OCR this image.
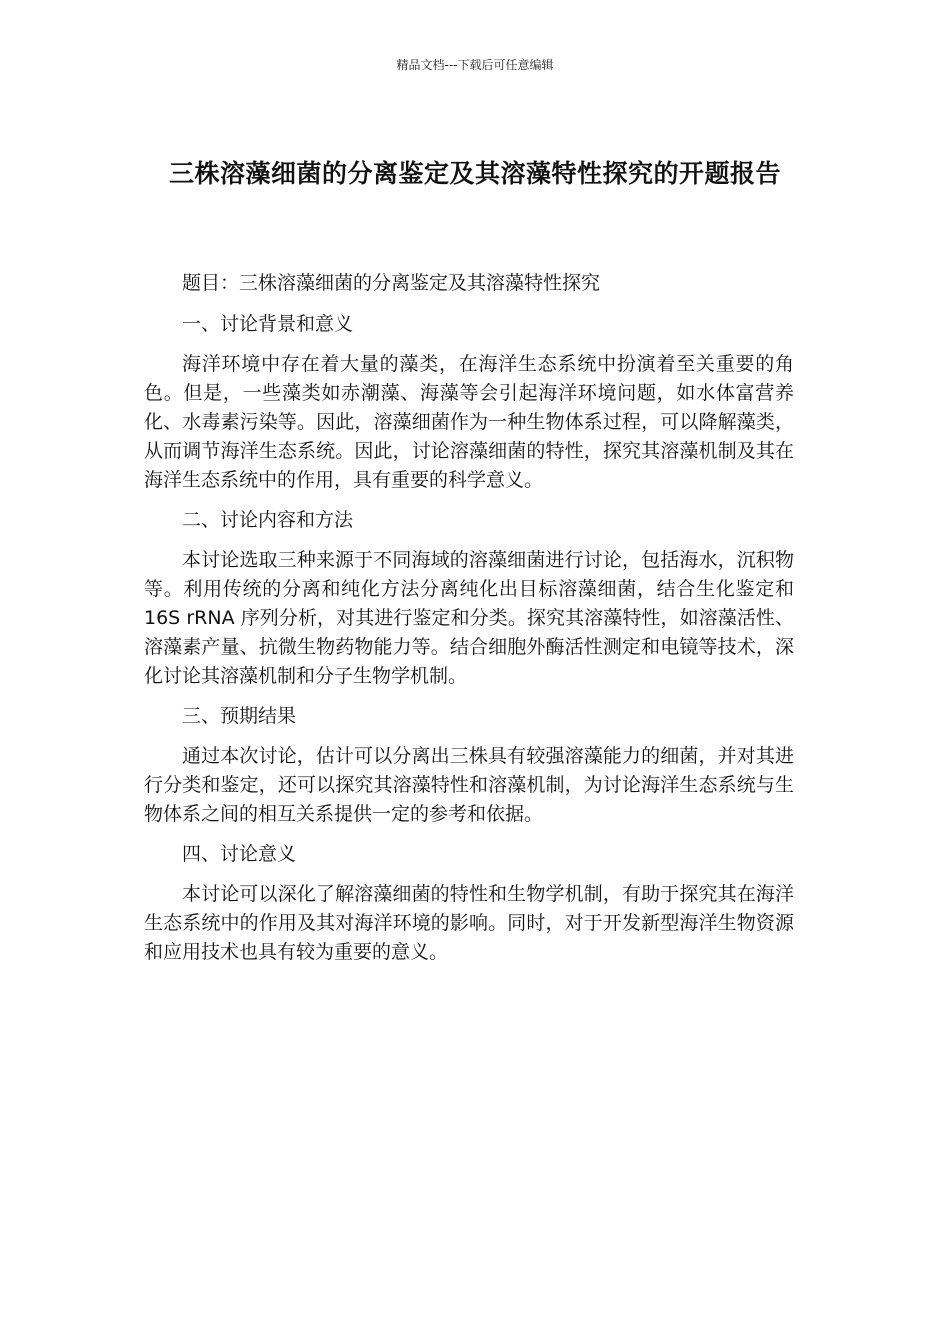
精品文档---下载后可任意编辑
三株溶藻细菌的分离鉴定及其溶藻特性探究的开题报告

题目：三株溶藻细菌的分离鉴定及其溶藻特性探究

一、讨论背景和意义

海洋环境中存在着大量的藻类，在海洋生态系统中扮演着至关重要的角色。但是，一些藻类如赤潮藻、海藻等会引起海洋环境问题，如水体富营养化、水毒素污染等。因此，溶藻细菌作为一种生物体系过程，可以降解藻类，从而调节海洋生态系统。因此，讨论溶藻细菌的特性，探究其溶藻机制及其在海洋生态系统中的作用，具有重要的科学意义。

二、讨论内容和方法

本讨论选取三种来源于不同海域的溶藻细菌进行讨论，包括海水，沉积物等。利用传统的分离和纯化方法分离纯化出目标溶藻细菌，结合生化鉴定和 16S rRNA 序列分析，对其进行鉴定和分类。探究其溶藻特性，如溶藻活性、溶藻素产量、抗微生物药物能力等。结合细胞外酶活性测定和电镜等技术，深化讨论其溶藻机制和分子生物学机制。

三、预期结果

通过本次讨论，估计可以分离出三株具有较强溶藻能力的细菌，并对其进行分类和鉴定，还可以探究其溶藻特性和溶藻机制，为讨论海洋生态系统与生物体系之间的相互关系提供一定的参考和依据。

四、讨论意义

本讨论可以深化了解溶藻细菌的特性和生物学机制，有助于探究其在海洋生态系统中的作用及其对海洋环境的影响。同时，对于开发新型海洋生物资源和应用技术也具有较为重要的意义。
